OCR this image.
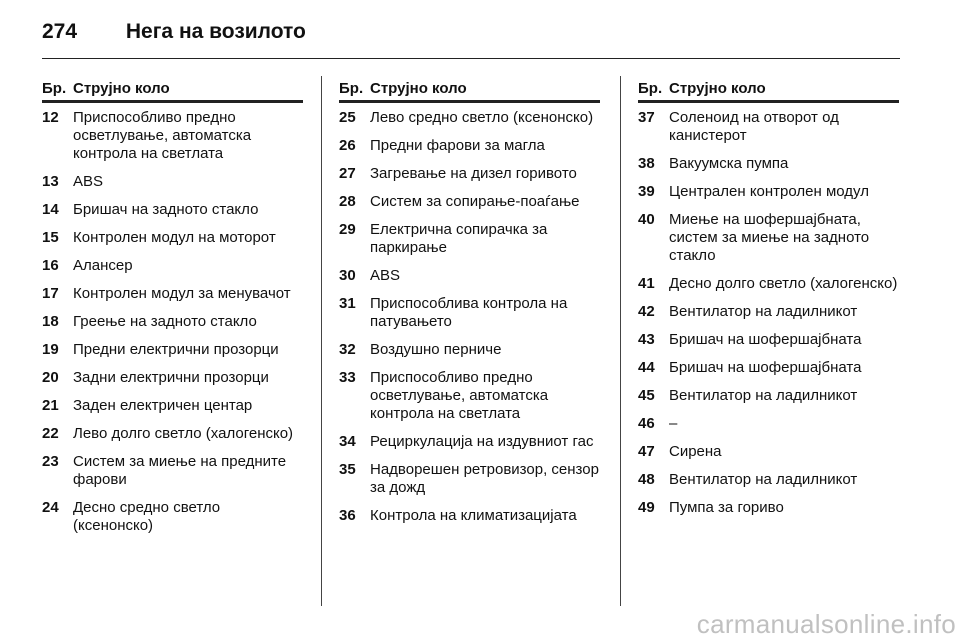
274 Нега на возилото
Бр. Струјно коло
12 Приспособливо предно осветлување, автоматска контрола на светлата
13 ABS
14 Бришач на задното стакло
15 Контролен модул на моторот
16 Алансер
17 Контролен модул за менувачот
18 Греење на задното стакло
19 Предни електрични прозорци
20 Задни електрични прозорци
21 Заден електричен центар
22 Лево долго светло (халогенско)
23 Систем за миење на предните фарови
24 Десно средно светло (ксенонско)
Бр. Струјно коло
25 Лево средно светло (ксенонско)
26 Предни фарови за магла
27 Загревање на дизел горивото
28 Систем за сопирање-поаѓање
29 Електрична сопирачка за паркирање
30 ABS
31 Приспособлива контрола на патувањето
32 Воздушно перниче
33 Приспособливо предно осветлување, автоматска контрола на светлата
34 Рециркулација на издувниот гас
35 Надворешен ретровизор, сензор за дожд
36 Контрола на климатизацијата
Бр. Струјно коло
37 Соленоид на отворот од канистерот
38 Вакуумска пумпа
39 Централен контролен модул
40 Миење на шофершајбната, систем за миење на задното стакло
41 Десно долго светло (халогенско)
42 Вентилатор на ладилникот
43 Бришач на шофершајбната
44 Бришач на шофершајбната
45 Вентилатор на ладилникот
46 –
47 Сирена
48 Вентилатор на ладилникот
49 Пумпа за гориво
carmanualsonline.info
